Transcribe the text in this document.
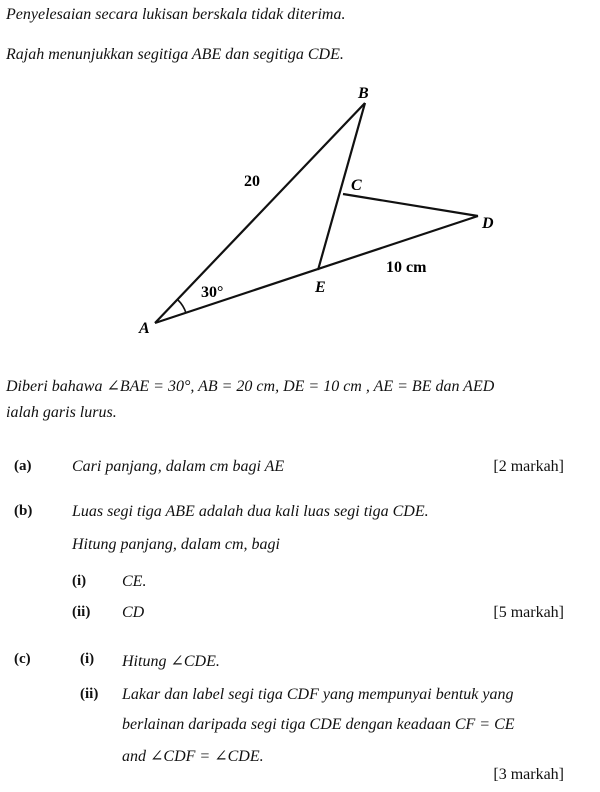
Penyelesaian secara lukisan berskala tidak diterima.
Rajah menunjukkan segitiga ABE dan segitiga CDE.
B
C
D
E
A
20
10 cm
30°
Diberi bahawa ∠BAE = 30°, AB = 20 cm, DE = 10 cm , AE = BE dan AED
ialah garis lurus.
(a)	Cari panjang, dalam cm bagi AE	[2 markah]
(b) Luas segi tiga ABE adalah dua kali luas segi tiga CDE.
Hitung panjang, dalam cm, bagi
(i) CE.
(ii) CD	[5 markah]
(c)	(i) Hitung ∠CDE.
(ii) Lakar dan label segi tiga CDF yang mempunyai bentuk yang
berlainan daripada segi tiga CDE dengan keadaan CF = CE
and ∠CDF = ∠CDE.
[3 markah]
